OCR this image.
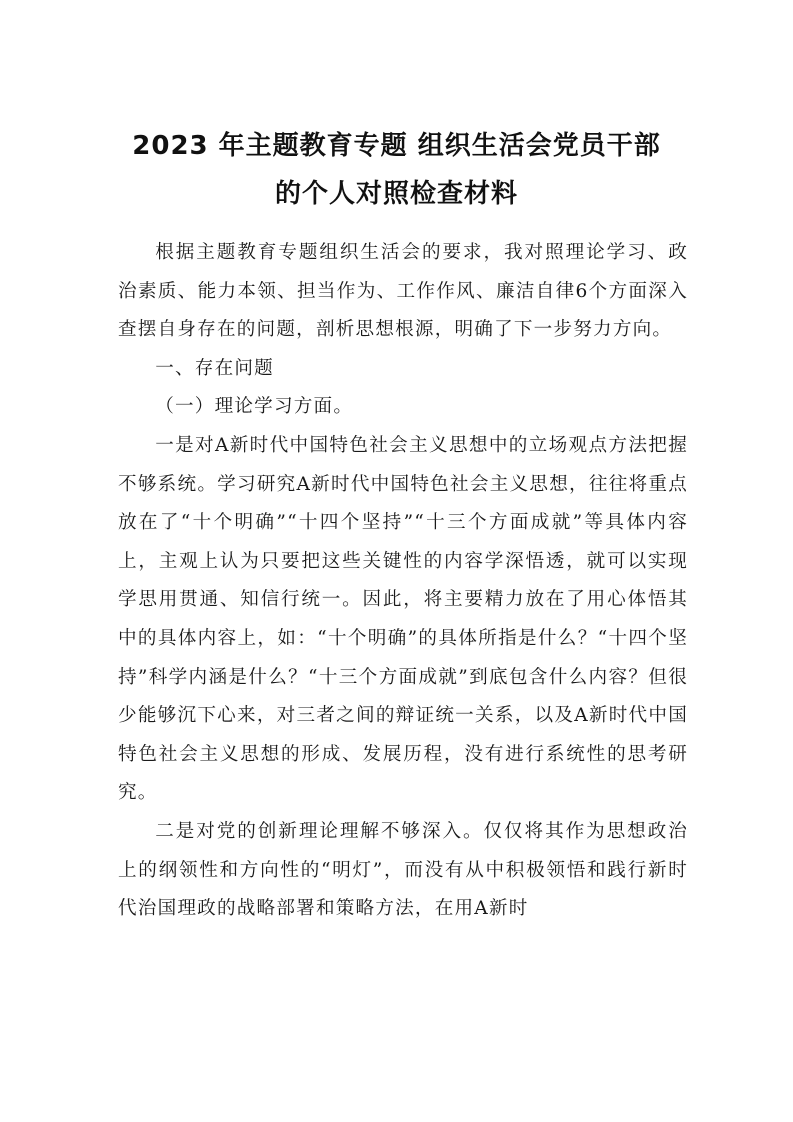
2023 年主题教育专题 组织生活会党员干部
的个人对照检查材料

根据主题教育专题组织生活会的要求，我对照理论学习、政治素质、能力本领、担当作为、工作作风、廉洁自律6个方面深入查摆自身存在的问题，剖析思想根源，明确了下一步努力方向。

一、存在问题

（一）理论学习方面。

一是对A新时代中国特色社会主义思想中的立场观点方法把握不够系统。学习研究A新时代中国特色社会主义思想，往往将重点放在了“十个明确”“十四个坚持”“十三个方面成就”等具体内容上，主观上认为只要把这些关键性的内容学深悟透，就可以实现学思用贯通、知信行统一。因此，将主要精力放在了用心体悟其中的具体内容上，如：“十个明确”的具体所指是什么？“十四个坚持”科学内涵是什么？“十三个方面成就”到底包含什么内容？但很少能够沉下心来，对三者之间的辩证统一关系，以及A新时代中国特色社会主义思想的形成、发展历程，没有进行系统性的思考研究。

二是对党的创新理论理解不够深入。仅仅将其作为思想政治上的纲领性和方向性的“明灯”，而没有从中积极领悟和践行新时代治国理政的战略部署和策略方法，在用A新时
